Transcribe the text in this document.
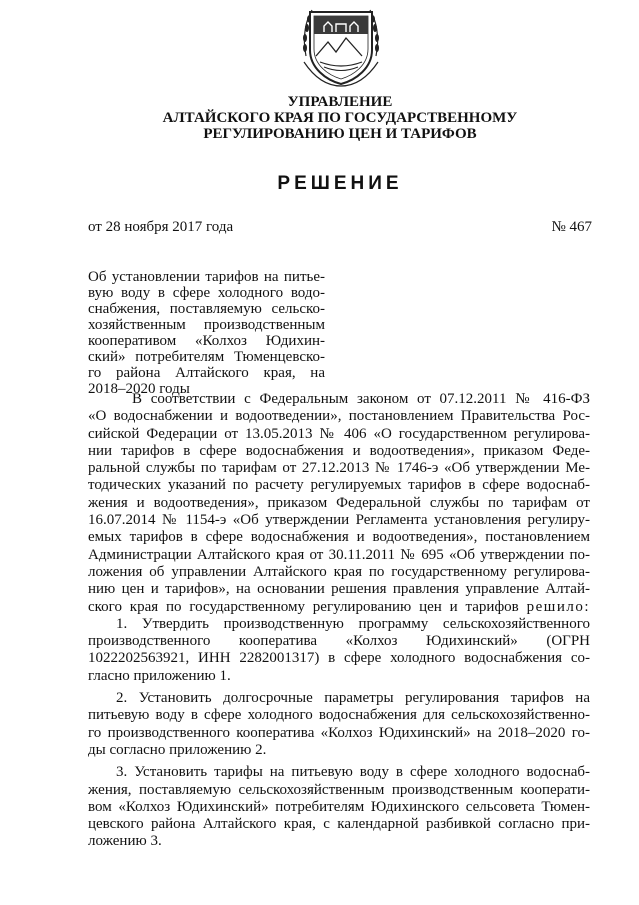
УПРАВЛЕНИЕ
АЛТАЙСКОГО КРАЯ ПО ГОСУДАРСТВЕННОМУ
РЕГУЛИРОВАНИЮ ЦЕН И ТАРИФОВ
РЕШЕНИЕ
от 28 ноября 2017 года	№ 467
Об установлении тарифов на питье-
вую воду в сфере холодного водо-
снабжения, поставляемую сельско-
хозяйственным производственным
кооперативом «Колхоз Юдихин-
ский» потребителям Тюменцевско-
го района Алтайского края, на
2018–2020 годы
В соответствии с Федеральным законом от 07.12.2011 № 416-ФЗ
«О водоснабжении и водоотведении», постановлением Правительства Рос-
сийской Федерации от 13.05.2013 № 406 «О государственном регулирова-
нии тарифов в сфере водоснабжения и водоотведения», приказом Феде-
ральной службы по тарифам от 27.12.2013 № 1746-э «Об утверждении Ме-
тодических указаний по расчету регулируемых тарифов в сфере водоснаб-
жения и водоотведения», приказом Федеральной службы по тарифам от
16.07.2014 № 1154-э «Об утверждении Регламента установления регулиру-
емых тарифов в сфере водоснабжения и водоотведения», постановлением
Администрации Алтайского края от 30.11.2011 № 695 «Об утверждении по-
ложения об управлении Алтайского края по государственному регулирова-
нию цен и тарифов», на основании решения правления управление Алтай-
ского края по государственному регулированию цен и тарифов решило:
1. Утвердить производственную программу сельскохозяйственного
производственного кооператива «Колхоз Юдихинский» (ОГРН
1022202563921, ИНН 2282001317) в сфере холодного водоснабжения со-
гласно приложению 1.
2. Установить долгосрочные параметры регулирования тарифов на
питьевую воду в сфере холодного водоснабжения для сельскохозяйственно-
го производственного кооператива «Колхоз Юдихинский» на 2018–2020 го-
ды согласно приложению 2.
3. Установить тарифы на питьевую воду в сфере холодного водоснаб-
жения, поставляемую сельскохозяйственным производственным кооперати-
вом «Колхоз Юдихинский» потребителям Юдихинского сельсовета Тюмен-
цевского района Алтайского края, с календарной разбивкой согласно при-
ложению 3.
